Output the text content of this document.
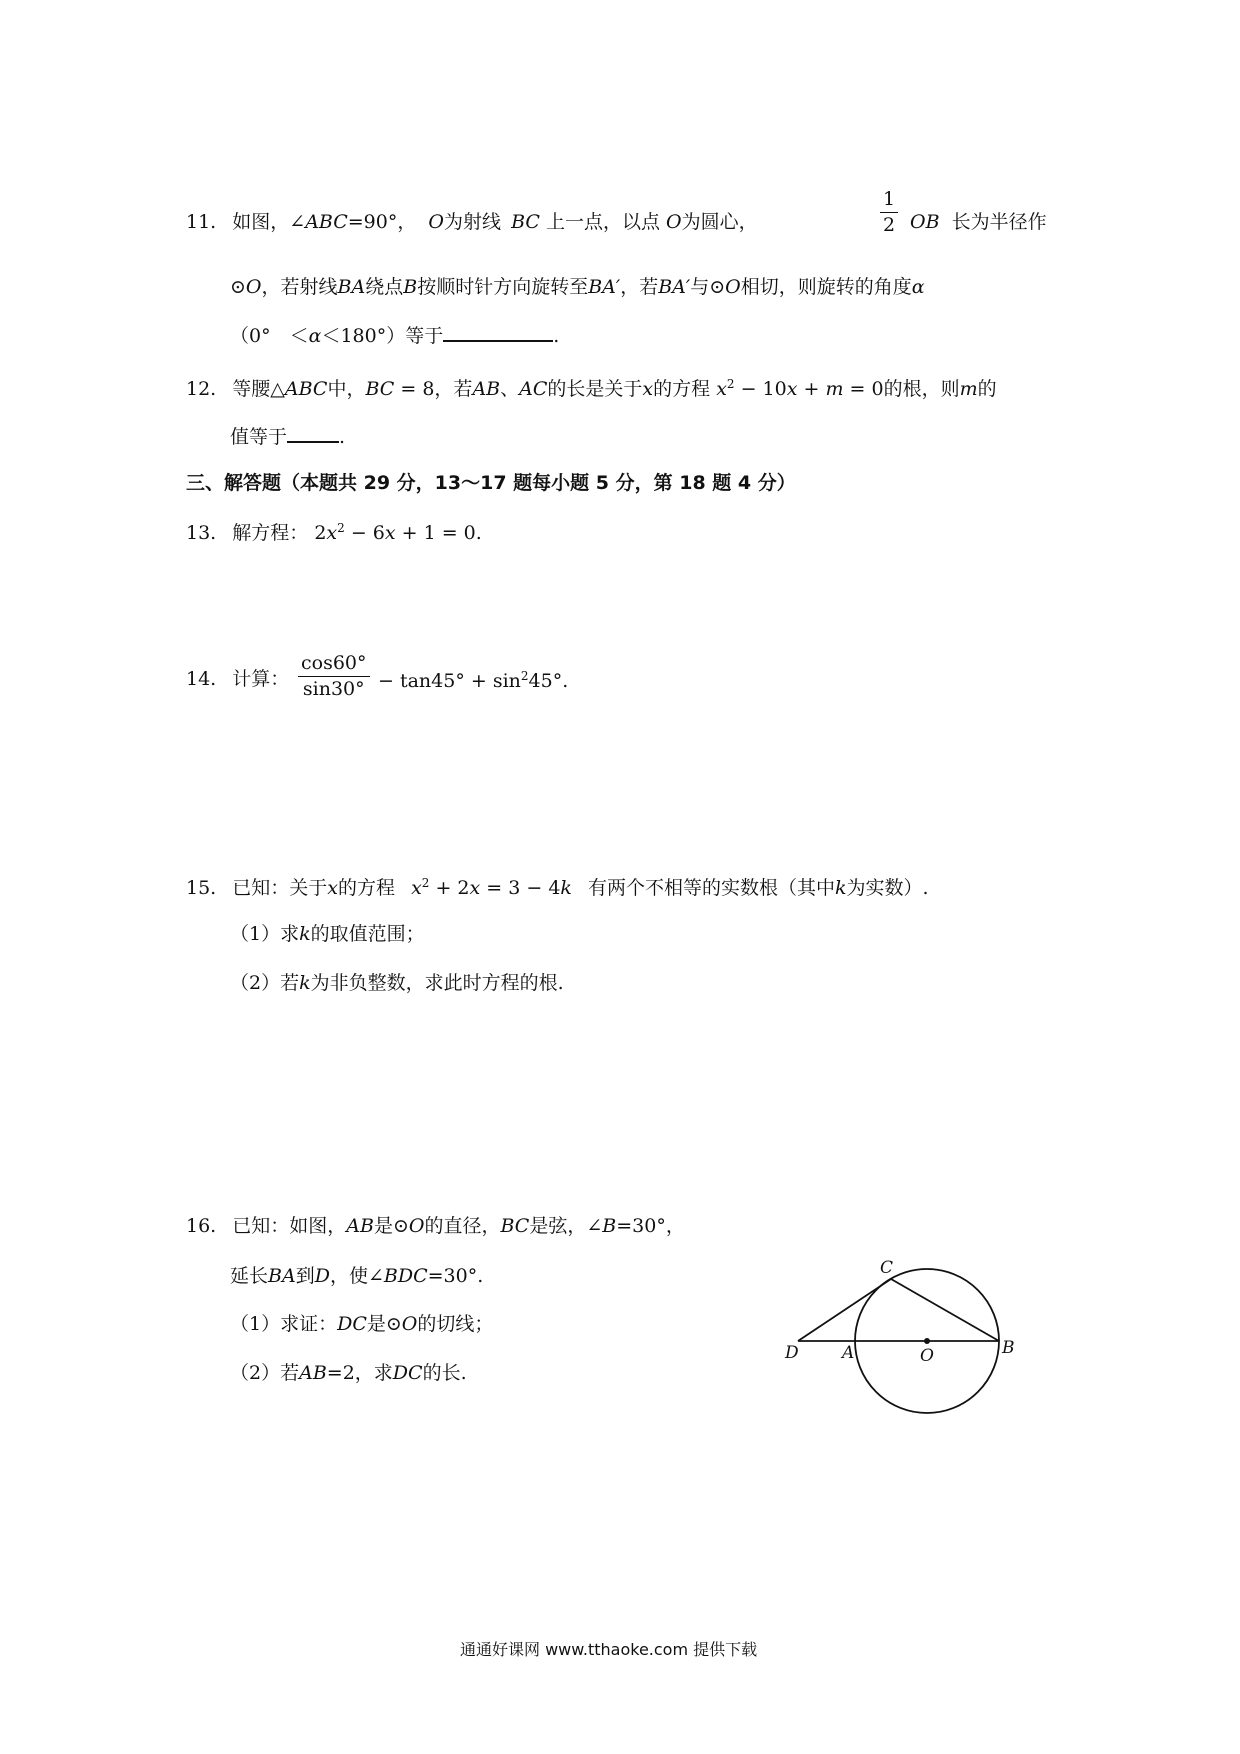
11. 如图，∠ABC=90°， O为射线 BC 上一点，以点 O为圆心，	$\frac{1}{2}$ OB 长为半径作
⊙O，若射线BA绕点B按顺时针方向旋转至BA′，若BA′与⊙O相切，则旋转的角度α
（0°　＜α＜180°）等于	.
12. 等腰△ABC中，BC = 8，若AB、AC的长是关于x的方程 $x^2 - 10x + m = 0$的根，则m的
值等于	.
三、解答题（本题共 29 分，13～17 题每小题 5 分，第 18 题 4 分）
13. 解方程： $2x^2 - 6x + 1 = 0$.
14. 计算： $\frac{\cos 60^\circ}{\sin 30^\circ} - \tan 45^\circ + \sin^245^\circ$.
15. 已知：关于x的方程 $x^2 + 2x = 3 - 4k$ 有两个不相等的实数根（其中k为实数）.
（1）求k的取值范围；
（2）若k为非负整数，求此时方程的根.
16. 已知：如图，AB是⊙O的直径，BC是弦，∠B=30°，
延长BA到D，使∠BDC=30°.
（1）求证：DC是⊙O的切线；
（2）若AB=2，求DC的长.
C
D	A	O	B
通通好课网 www.tthaoke.com 提供下载
